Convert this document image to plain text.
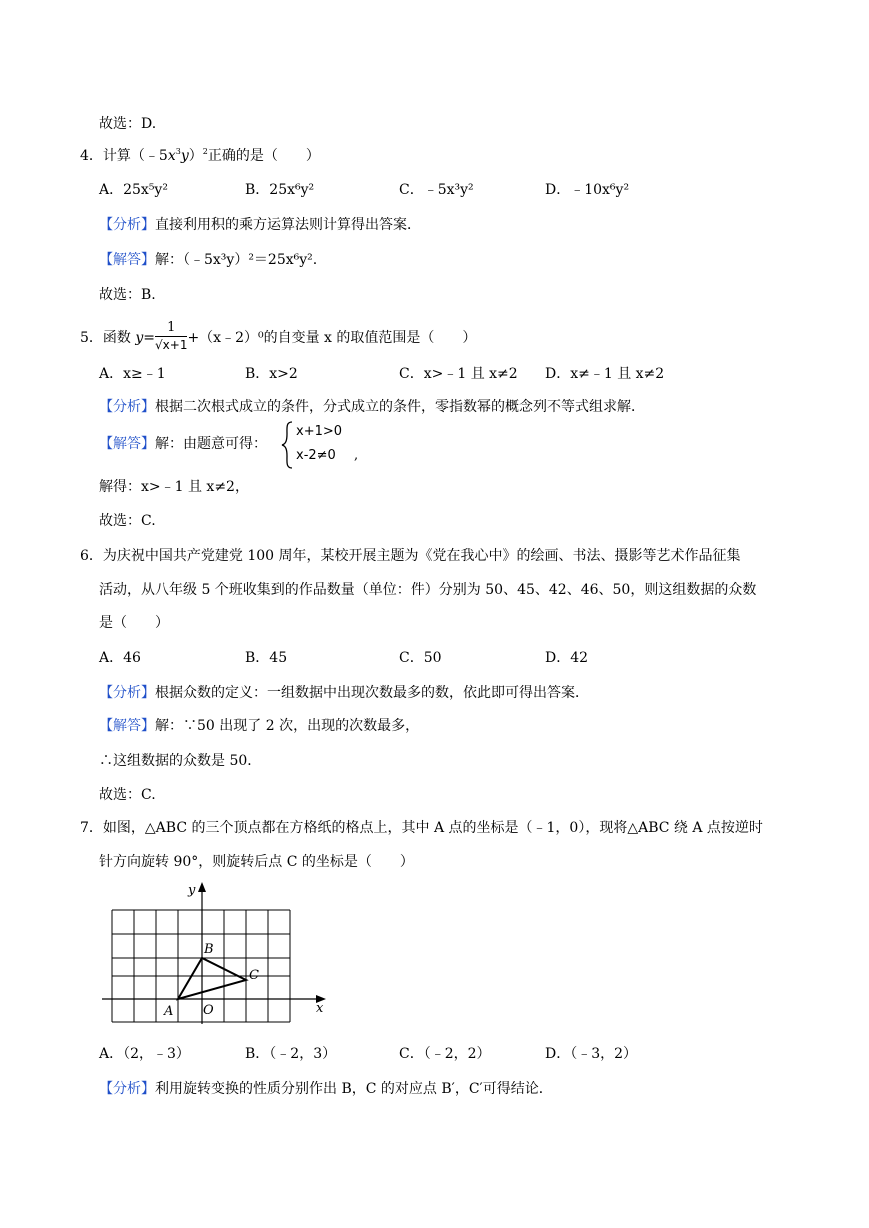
故选：D.
4．计算$(﹣5x^3y)^2$正确的是（　　）
A．25x⁵y²	B．25x⁶y²	C．﹣5x³y²	D．﹣10x⁶y²
【分析】直接利用积的乘方运算法则计算得出答案．
【解答】解：（﹣5x³y）²＝25x⁶y².
故选：B.
5．函数 $y= \frac{1}{√x+1}$ +（x﹣2）⁰的自变量 x 的取值范围是（　　）
A．x≥﹣1	B．x>2	C．x>﹣1 且 x≠2 D．x≠﹣1 且 x≠2
【分析】根据二次根式成立的条件，分式成立的条件，零指数幂的概念列不等式组求解．
【解答】解：由题意可得：
x+1>0
x-2≠0 ,
解得：x>﹣1 且 x≠2，
故选：C.
6．为庆祝中国共产党建党 100 周年，某校开展主题为《党在我心中》的绘画、书法、摄影等艺术作品征集
活动，从八年级 5 个班收集到的作品数量（单位：件）分别为 50、45、42、46、50，则这组数据的众数
是（　　）
A．46	B．45	C．50	D．42
【分析】根据众数的定义：一组数据中出现次数最多的数，依此即可得出答案．
【解答】解：∵50 出现了 2 次，出现的次数最多，
∴这组数据的众数是 50．
故选：C.
7．如图，△ABC 的三个顶点都在方格纸的格点上，其中 A 点的坐标是（﹣1，0），现将△ABC 绕 A 点按逆时
针方向旋转 90°，则旋转后点 C 的坐标是（　　）
y
x
O
A
B
C
A．（2，﹣3）	B．（﹣2，3）	C．（﹣2，2）	D．（﹣3，2）
【分析】利用旋转变换的性质分别作出 B，C 的对应点 B′，C′可得结论．
